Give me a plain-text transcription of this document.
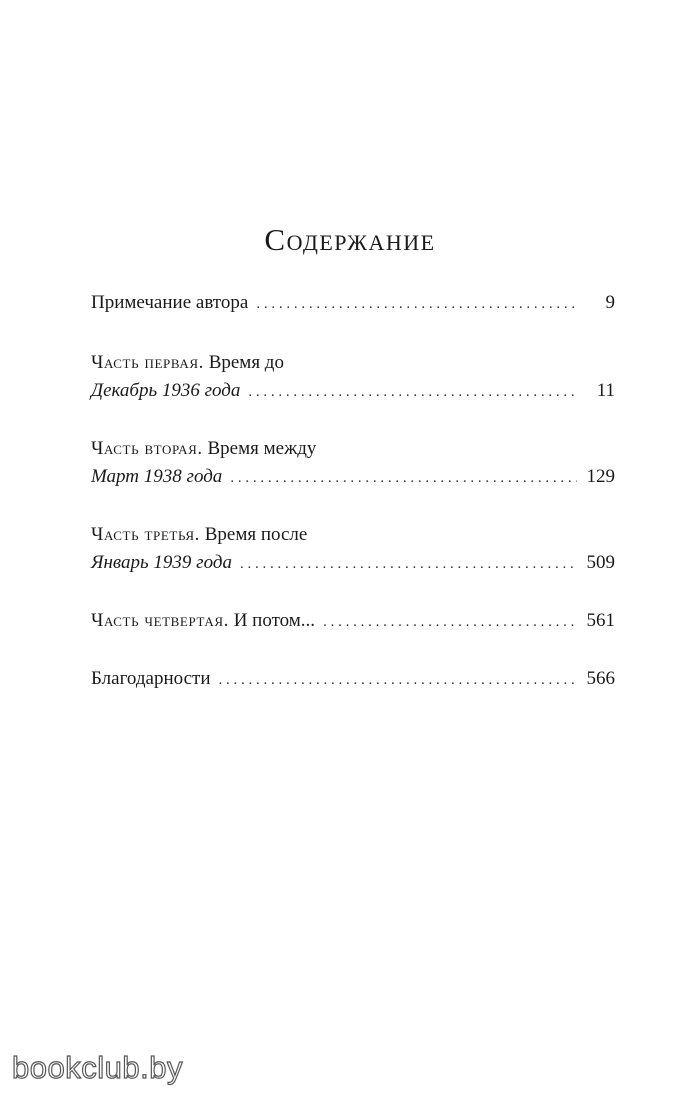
Содержание
Примечание автора . . .	9
Часть первая. Время до
Декабрь 1936 года . . .	11
Часть вторая. Время между
Март 1938 года . . .	129
Часть третья. Время после
Январь 1939 года . . .	509
Часть четвертая. И потом... . . .	561
Благодарности . . .	566
bookclub.by
